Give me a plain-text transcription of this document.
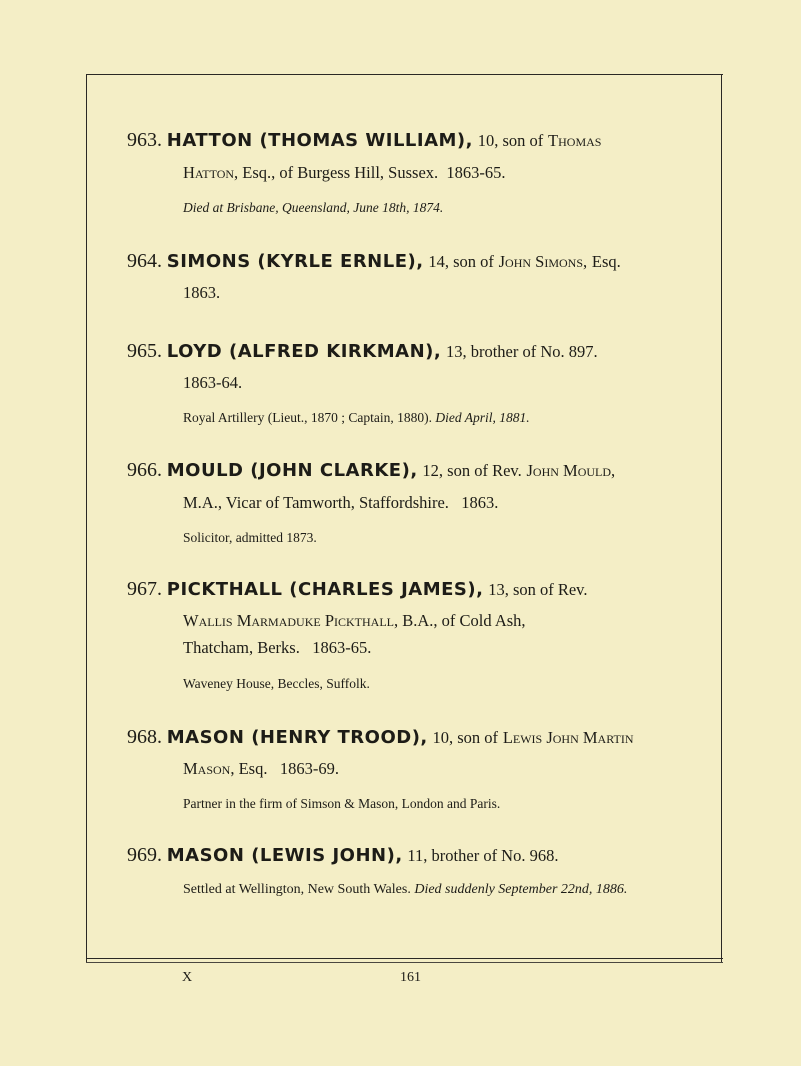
963. HATTON (THOMAS WILLIAM), 10, son of Thomas
Hatton, Esq., of Burgess Hill, Sussex.  1863-65.
Died at Brisbane, Queensland, June 18th, 1874.
964. SIMONS (KYRLE ERNLE), 14, son of John Simons, Esq.
1863.
965. LOYD (ALFRED KIRKMAN), 13, brother of No. 897.
1863-64.
Royal Artillery (Lieut., 1870 ; Captain, 1880). Died April, 1881.
966. MOULD (JOHN CLARKE), 12, son of Rev. John Mould,
M.A., Vicar of Tamworth, Staffordshire.   1863.
Solicitor, admitted 1873.
967. PICKTHALL (CHARLES JAMES), 13, son of Rev.
Wallis Marmaduke Pickthall, B.A., of Cold Ash,
Thatcham, Berks.   1863-65.
Waveney House, Beccles, Suffolk.
968. MASON (HENRY TROOD), 10, son of Lewis John Martin
Mason, Esq.   1863-69.
Partner in the firm of Simson & Mason, London and Paris.
969. MASON (LEWIS JOHN), 11, brother of No. 968.
Settled at Wellington, New South Wales. Died suddenly September 22nd, 1886.
X	161
